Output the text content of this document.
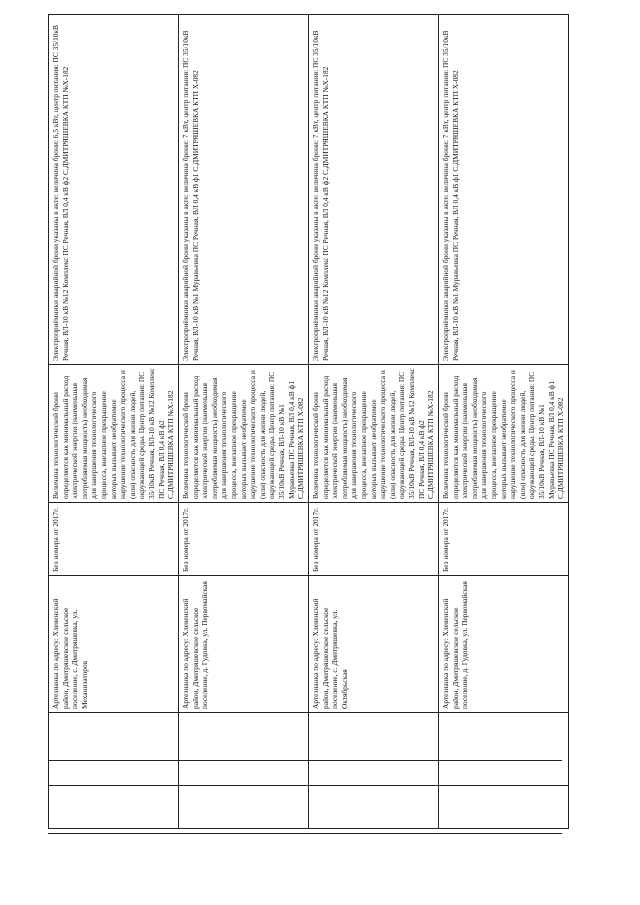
		Артезианка по адресу: Хлевенский район, Дмитряшевское сельское поселение, с. Дмитряшевка, ул. Механизаторов	Без номера от 2017г.	Величина технологической брони определяется как минимальный расход электрической энергии (наименьшая потребляемая мощность) необходимая для завершения технологического процесса, внезапное прекращение которых вызывает необратимое нарушение технологического процесса и (или) опасность для жизни людей, окружающей среды. Центр питания: ПС 35/10кВ Речная, ВЛ-10 кВ №12 Комплекс ПС Речная, ВЛ 0,4 кВ ф2 С.ДМИТРЯШЕВКА КТП №Х-182	Электроприёмники аварийной брони указаны в акте: величина брони: 6,5 кВт, центр питания: ПС 35/10кВ Речная, ВЛ-10 кВ №12 Комплекс ПС Речная, ВЛ 0,4 кВ ф2 С.ДМИТРЯШЕВКА КТП №Х-182
		Артезианка по адресу: Хлевенский район, Дмитряшевское сельское поселение, д. Гудовка, ул. Первомайская	Без номера от 2017г.	Величина технологической брони определяется как минимальный расход электрической энергии (наименьшая потребляемая мощность) необходимая для завершения технологического процесса, внезапное прекращение которых вызывает необратимое нарушение технологического процесса и (или) опасность для жизни людей, окружающей среды. Центр питания: ПС 35/10кВ Речная, ВЛ-10 кВ №1 Муравьевка ПС Речная, ВЛ 0,4 кВ ф1 С.ДМИТРЯШЕВКА КТП Х-082	Электроприёмники аварийной брони указаны в акте: величина брони: 7 кВт, центр питания: ПС 35/10кВ Речная, ВЛ-10 кВ №1 Муравьевка ПС Речная, ВЛ 0,4 кВ ф1 С.ДМИТРЯШЕВКА КТП Х-082
		Артезианка по адресу: Хлевенский район, Дмитряшевское сельское поселение, с. Дмитряшевка, ул. Октябрьская	Без номера от 2017г.	Величина технологической брони определяется как минимальный расход электрической энергии (наименьшая потребляемая мощность) необходимая для завершения технологического процесса, внезапное прекращение которых вызывает необратимое нарушение технологического процесса и (или) опасность для жизни людей, окружающей среды. Центр питания: ПС 35/10кВ Речная, ВЛ-10 кВ №12 Комплекс ПС Речная, ВЛ 0,4 кВ ф2 С.ДМИТРЯШЕВКА КТП №Х-182	Электроприёмники аварийной брони указаны в акте: величина брони: 7 кВт, центр питания: ПС 35/10кВ Речная, ВЛ-10 кВ №12 Комплекс ПС Речная, ВЛ 0,4 кВ ф2 С.ДМИТРЯШЕВКА КТП №Х-182
		Артезианка по адресу: Хлевенский район, Дмитряшевское сельское поселение, д. Гудовка, ул. Первомайская	Без номера от 2017г.	Величина технологической брони определяется как минимальный расход электрической энергии (наименьшая потребляемая мощность) необходимая для завершения технологического процесса, внезапное прекращение которых вызывает необратимое нарушение технологического процесса и (или) опасность для жизни людей, окружающей среды. Центр питания: ПС 35/10кВ Речная, ВЛ-10 кВ №1 Муравьевка ПС Речная, ВЛ 0,4 кВ ф1 С.ДМИТРЯШЕВКА КТП Х-082	Электроприёмники аварийной брони указаны в акте: величина брони: 7 кВт, центр питания: ПС 35/10кВ Речная, ВЛ-10 кВ №1 Муравьевка ПС Речная, ВЛ 0,4 кВ ф1 С.ДМИТРЯШЕВКА КТП Х-082
